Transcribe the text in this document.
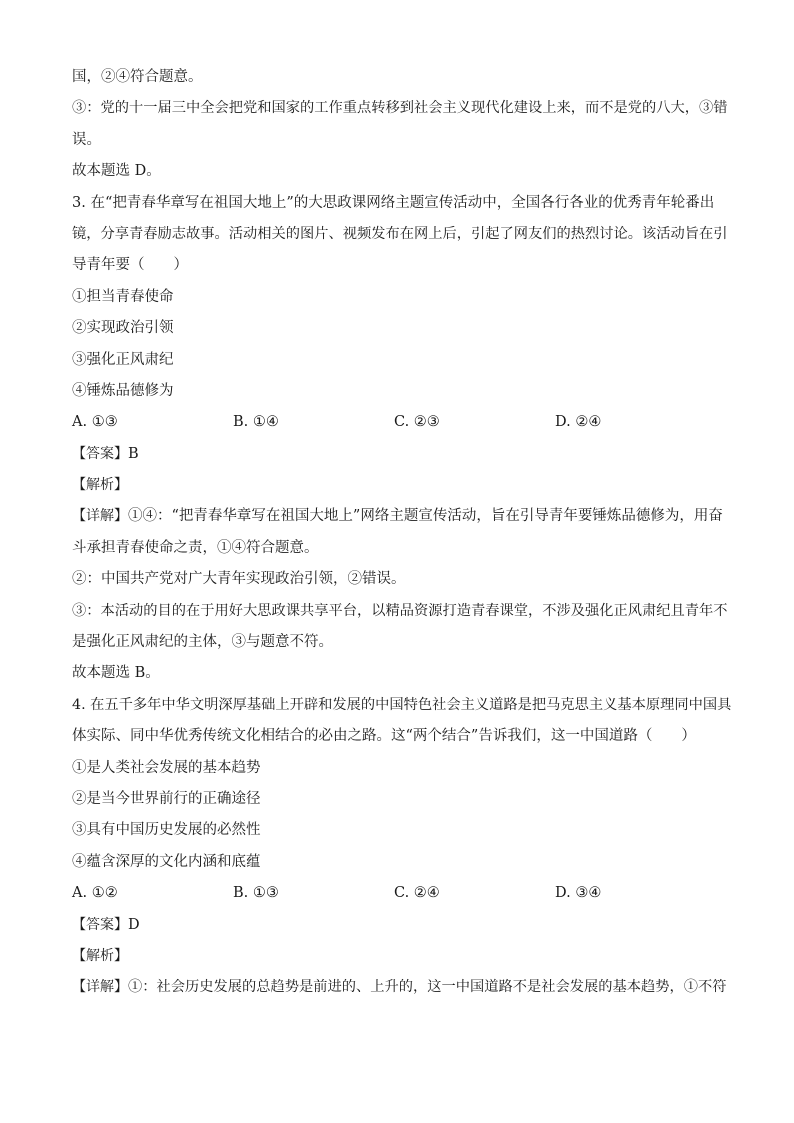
国，②④符合题意。
③：党的十一届三中全会把党和国家的工作重点转移到社会主义现代化建设上来，而不是党的八大，③错
误。
故本题选 D。
3. 在“把青春华章写在祖国大地上”的大思政课网络主题宣传活动中，全国各行各业的优秀青年轮番出
镜，分享青春励志故事。活动相关的图片、视频发布在网上后，引起了网友们的热烈讨论。该活动旨在引
导青年要（　　）
①担当青春使命
②实现政治引领
③强化正风肃纪
④锤炼品德修为
A. ①③	B. ①④	C. ②③	D. ②④
【答案】B
【解析】
【详解】①④：“把青春华章写在祖国大地上”网络主题宣传活动，旨在引导青年要锤炼品德修为，用奋
斗承担青春使命之责，①④符合题意。
②：中国共产党对广大青年实现政治引领，②错误。
③：本活动的目的在于用好大思政课共享平台，以精品资源打造青春课堂，不涉及强化正风肃纪且青年不
是强化正风肃纪的主体，③与题意不符。
故本题选 B。
4. 在五千多年中华文明深厚基础上开辟和发展的中国特色社会主义道路是把马克思主义基本原理同中国具
体实际、同中华优秀传统文化相结合的必由之路。这“两个结合”告诉我们，这一中国道路（　　）
①是人类社会发展的基本趋势
②是当今世界前行的正确途径
③具有中国历史发展的必然性
④蕴含深厚的文化内涵和底蕴
A. ①②	B. ①③	C. ②④	D. ③④
【答案】D
【解析】
【详解】①：社会历史发展的总趋势是前进的、上升的，这一中国道路不是社会发展的基本趋势，①不符
